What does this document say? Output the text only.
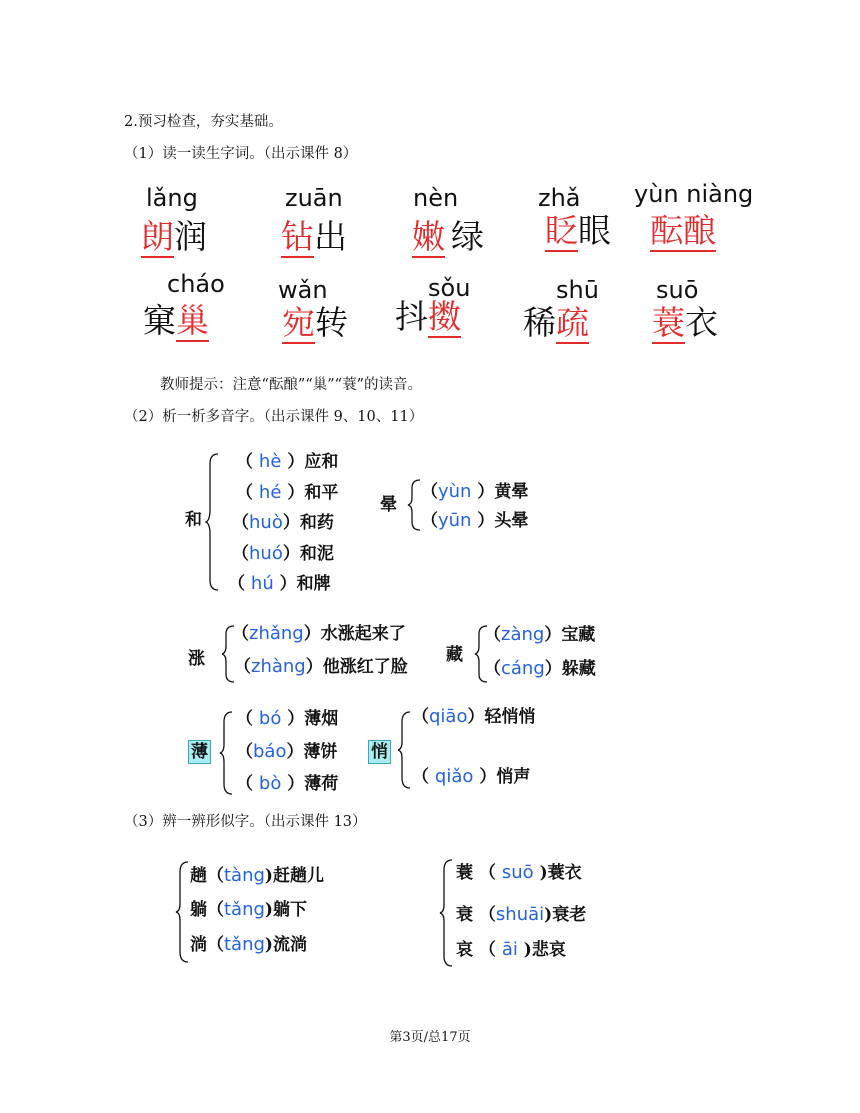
2.预习检查，夯实基础。
（1）读一读生字词。（出示课件 8）
lǎng
朗润
zuān
钻出
nèn
嫩 绿
zhǎ
眨眼
yùn niàng
酝酿
cháo
窠巢
wǎn
宛转
sǒu
抖擞
shū
稀疏
suō
蓑衣
教师提示：注意“酝酿”“巢”“蓑”的读音。
（2）析一析多音字。（出示课件 9、10、11）
和
（ hè ）应和
（ hé ）和平
（huò）和药
（huó）和泥
（ hú ）和牌
晕
（yùn ）黄晕
（yūn ）头晕
涨
（zhǎng）水涨起来了
（zhàng）他涨红了脸
藏
（zàng）宝藏
（cáng）躲藏
薄
（ bó ）薄烟
（báo）薄饼
（ bò ）薄荷
悄
（qiāo）轻悄悄
（ qiǎo ）悄声
（3）辨一辨形似字。（出示课件 13）
趟（tàng)赶趟儿
躺（tǎng)躺下
淌（tǎng)流淌
蓑 （ suō )蓑衣
衰 （shuāi)衰老
哀 （ āi )悲哀
第3页/总17页
